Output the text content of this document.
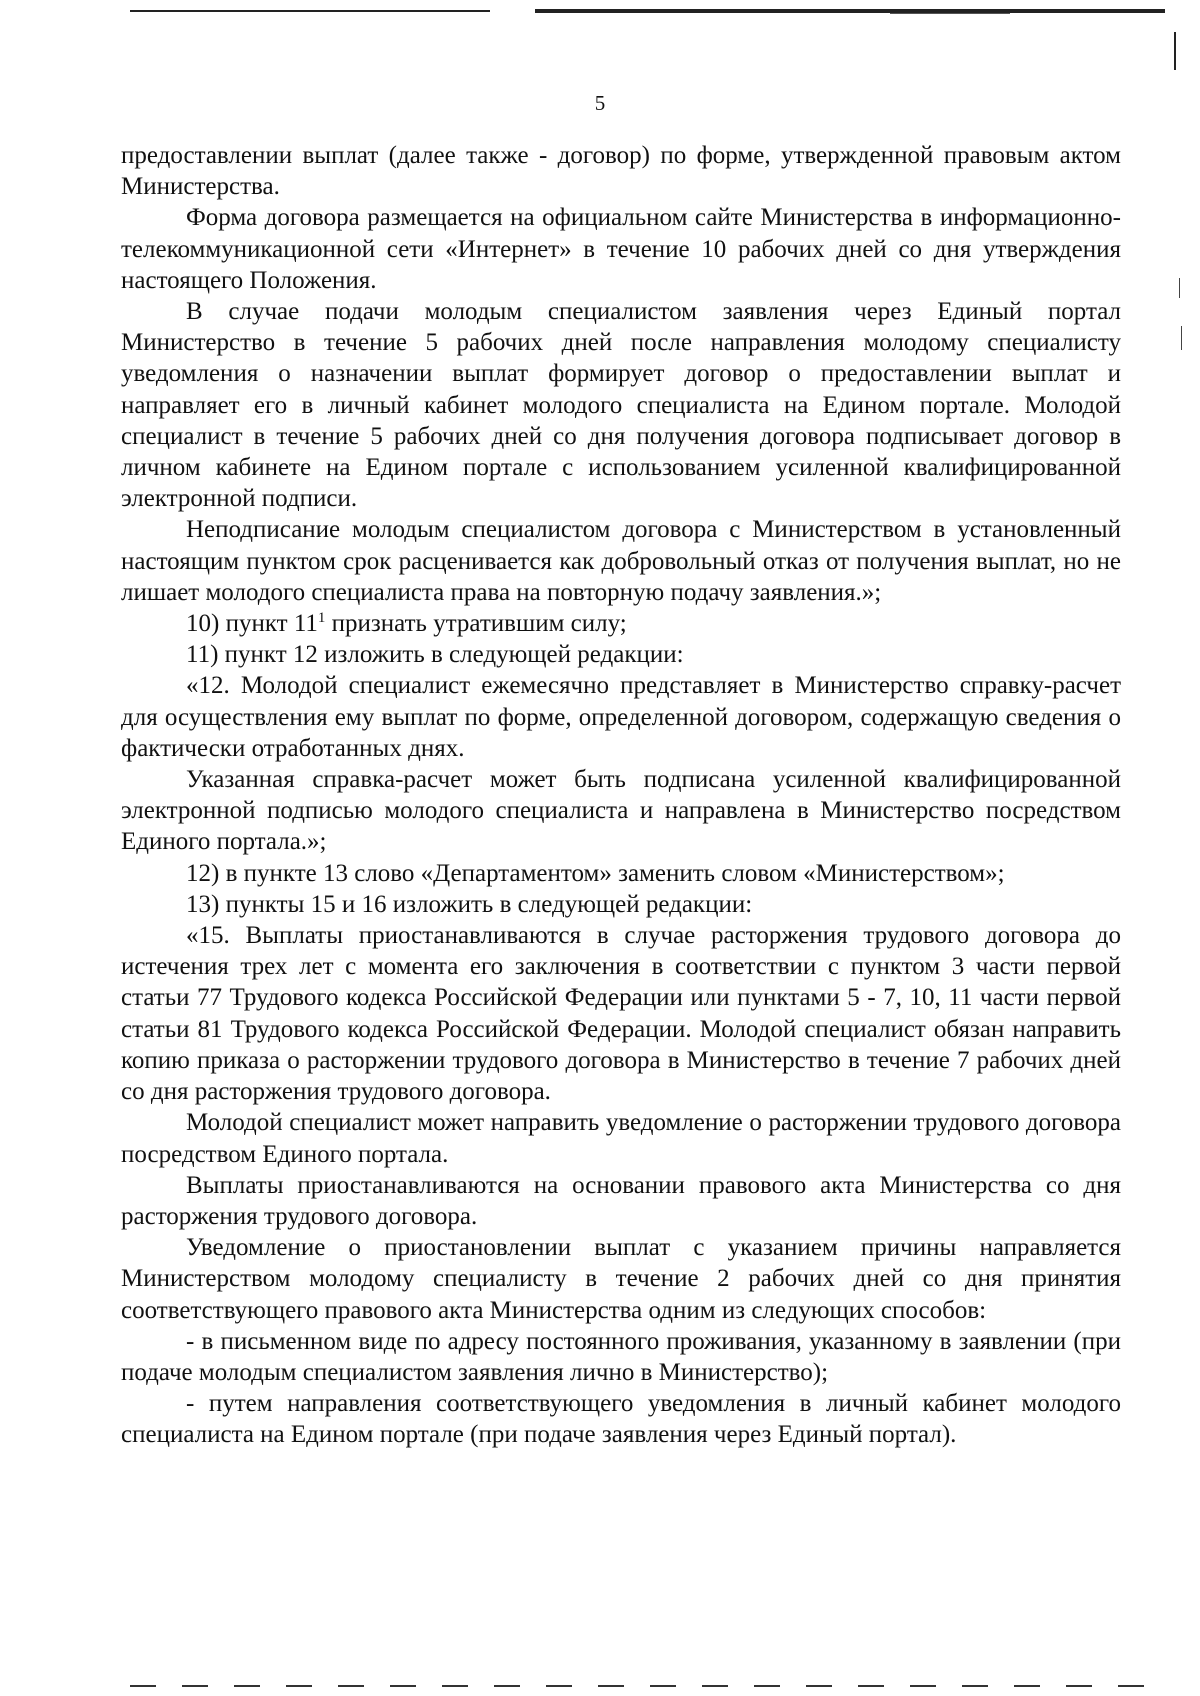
5

предоставлении выплат (далее также - договор) по форме, утвержденной правовым актом Министерства.

Форма договора размещается на официальном сайте Министерства в информационно-телекоммуникационной сети «Интернет» в течение 10 рабочих дней со дня утверждения настоящего Положения.

В случае подачи молодым специалистом заявления через Единый портал Министерство в течение 5 рабочих дней после направления молодому специалисту уведомления о назначении выплат формирует договор о предоставлении выплат и направляет его в личный кабинет молодого специалиста на Едином портале. Молодой специалист в течение 5 рабочих дней со дня получения договора подписывает договор в личном кабинете на Едином портале с использованием усиленной квалифицированной электронной подписи.

Неподписание молодым специалистом договора с Министерством в установленный настоящим пунктом срок расценивается как добровольный отказ от получения выплат, но не лишает молодого специалиста права на повторную подачу заявления.»;

10) пункт $11^1$ признать утратившим силу;

11) пункт 12 изложить в следующей редакции:

«12. Молодой специалист ежемесячно представляет в Министерство справку-расчет для осуществления ему выплат по форме, определенной договором, содержащую сведения о фактически отработанных днях.

Указанная справка-расчет может быть подписана усиленной квалифицированной электронной подписью молодого специалиста и направлена в Министерство посредством Единого портала.»;

12) в пункте 13 слово «Департаментом» заменить словом «Министерством»;

13) пункты 15 и 16 изложить в следующей редакции:

«15. Выплаты приостанавливаются в случае расторжения трудового договора до истечения трех лет с момента его заключения в соответствии с пунктом 3 части первой статьи 77 Трудового кодекса Российской Федерации или пунктами 5 - 7, 10, 11 части первой статьи 81 Трудового кодекса Российской Федерации. Молодой специалист обязан направить копию приказа о расторжении трудового договора в Министерство в течение 7 рабочих дней со дня расторжения трудового договора.

Молодой специалист может направить уведомление о расторжении трудового договора посредством Единого портала.

Выплаты приостанавливаются на основании правового акта Министерства со дня расторжения трудового договора.

Уведомление о приостановлении выплат с указанием причины направляется Министерством молодому специалисту в течение 2 рабочих дней со дня принятия соответствующего правового акта Министерства одним из следующих способов:

- в письменном виде по адресу постоянного проживания, указанному в заявлении (при подаче молодым специалистом заявления лично в Министерство);

- путем направления соответствующего уведомления в личный кабинет молодого специалиста на Едином портале (при подаче заявления через Единый портал).
